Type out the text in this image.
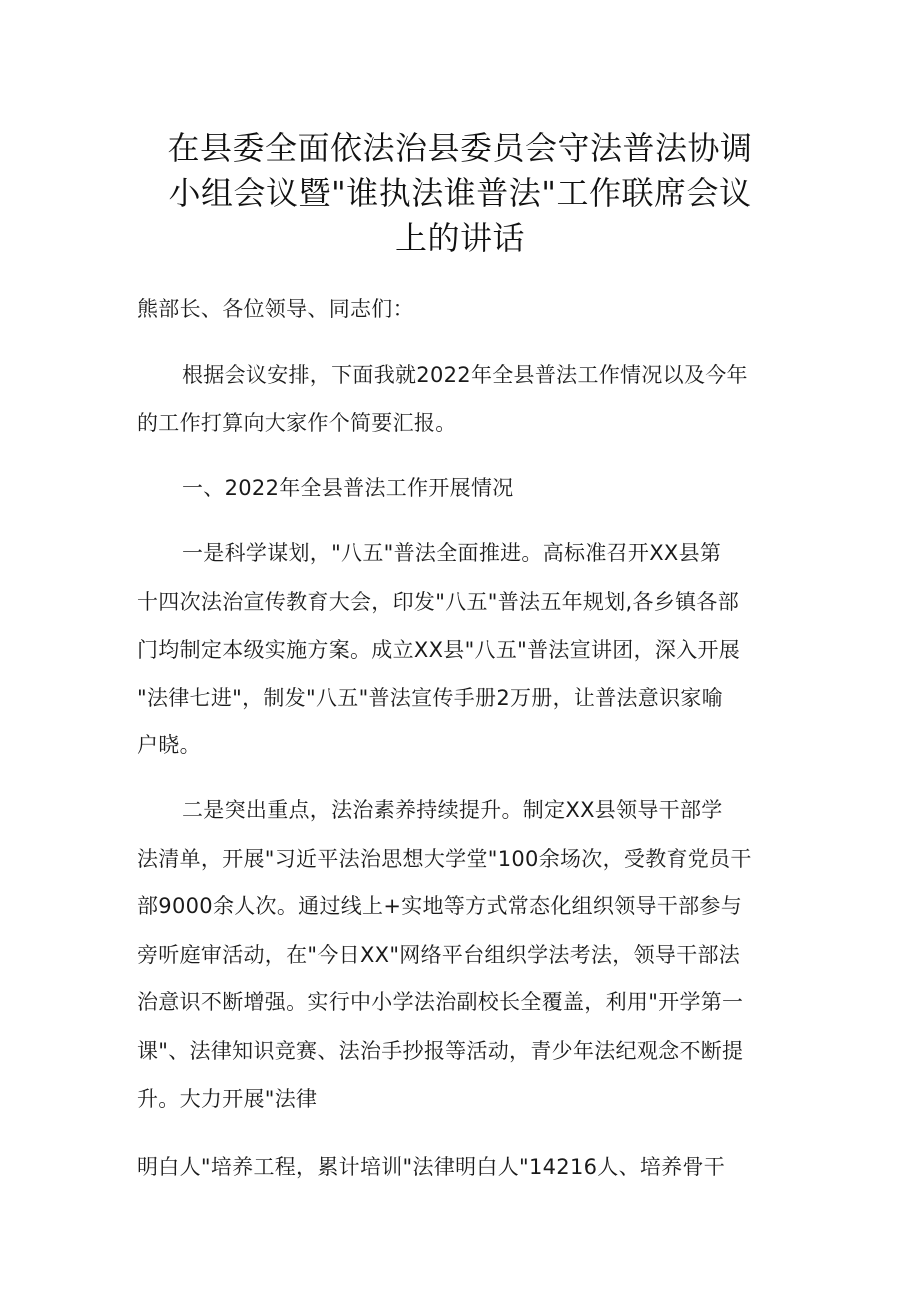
在县委全面依法治县委员会守法普法协调
小组会议暨"谁执法谁普法"工作联席会议
上的讲话
熊部长、各位领导、同志们：
根据会议安排，下面我就2022年全县普法工作情况以及今年
的工作打算向大家作个简要汇报。
一、2022年全县普法工作开展情况
一是科学谋划，"八五"普法全面推进。高标准召开XX县第
十四次法治宣传教育大会，印发"八五"普法五年规划,各乡镇各部
门均制定本级实施方案。成立XX县"八五"普法宣讲团，深入开展
"法律七进"，制发"八五"普法宣传手册2万册，让普法意识家喻
户晓。
二是突出重点，法治素养持续提升。制定XX县领导干部学
法清单，开展"习近平法治思想大学堂"100余场次，受教育党员干
部9000余人次。通过线上+实地等方式常态化组织领导干部参与
旁听庭审活动，在"今日XX"网络平台组织学法考法，领导干部法
治意识不断增强。实行中小学法治副校长全覆盖，利用"开学第一
课"、法律知识竞赛、法治手抄报等活动，青少年法纪观念不断提
升。大力开展"法律
明白人"培养工程，累计培训"法律明白人"14216人、培养骨干
